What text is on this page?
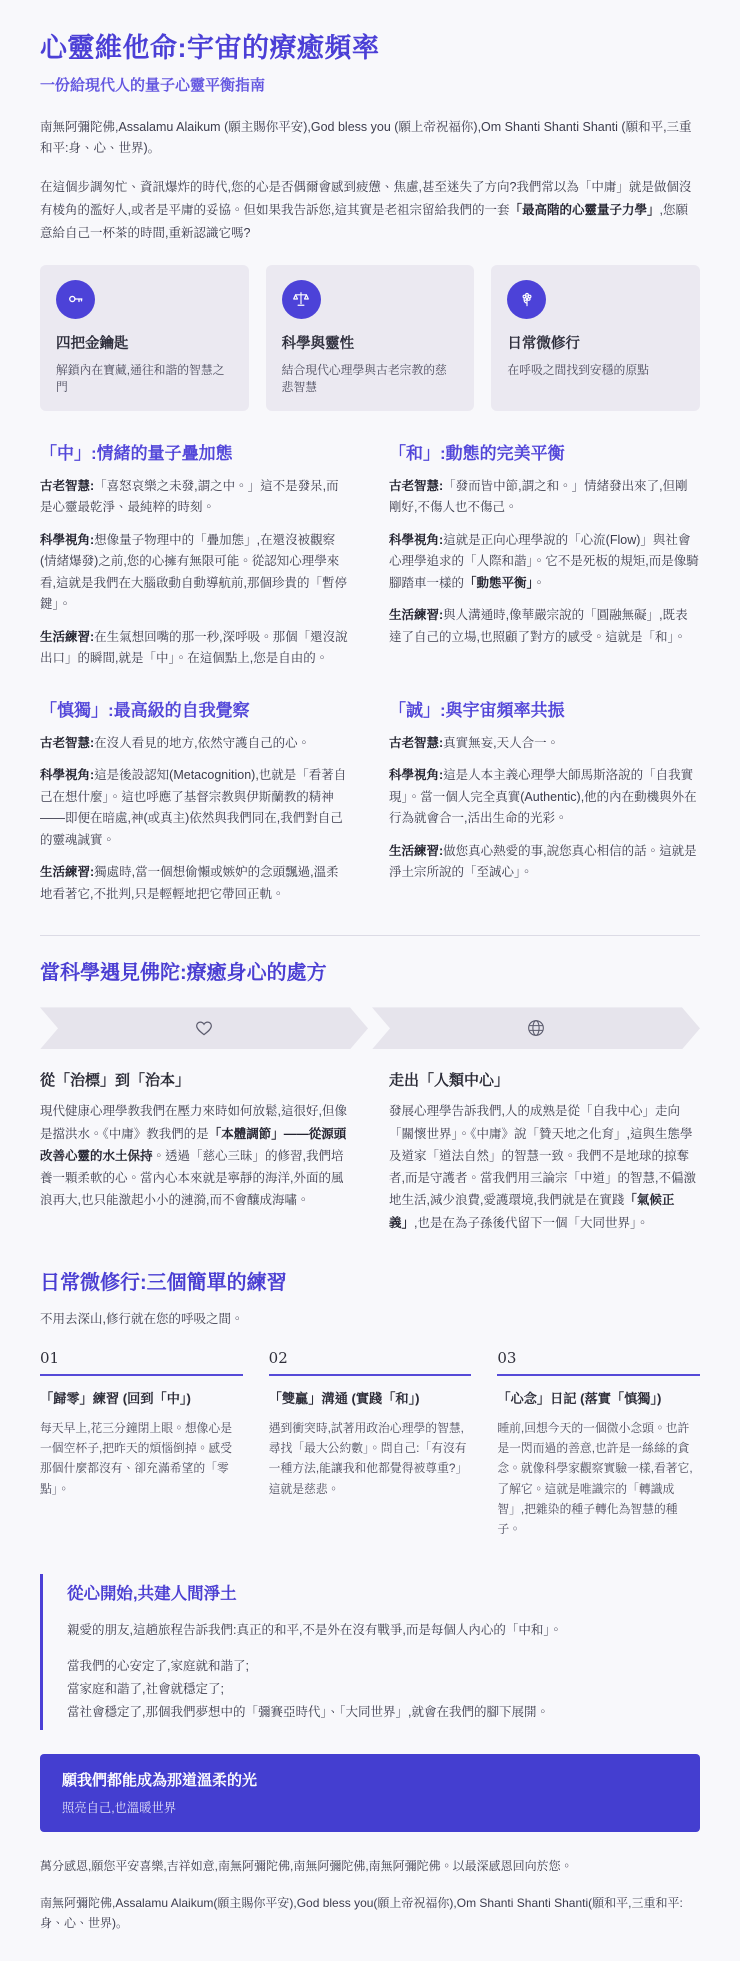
心靈維他命:宇宙的療癒頻率
一份給現代人的量子心靈平衡指南

南無阿彌陀佛,Assalamu Alaikum (願主賜你平安),God bless you (願上帝祝福你),Om Shanti Shanti Shanti (願和平,三重和平:身、心、世界)。

在這個步調匆忙、資訊爆炸的時代,您的心是否偶爾會感到疲憊、焦慮,甚至迷失了方向?我們常以為「中庸」就是做個沒有棱角的濫好人,或者是平庸的妥協。但如果我告訴您,這其實是老祖宗留給我們的一套「最高階的心靈量子力學」,您願意給自己一杯茶的時間,重新認識它嗎?

四把金鑰匙
解鎖內在寶藏,通往和諧的智慧之門
科學與靈性
結合現代心理學與古老宗教的慈悲智慧
日常微修行
在呼吸之間找到安穩的原點
「中」:情緒的量子疊加態

古老智慧:「喜怒哀樂之未發,謂之中。」這不是發呆,而是心靈最乾淨、最純粹的時刻。

科學視角:想像量子物理中的「疊加態」,在還沒被觀察(情緒爆發)之前,您的心擁有無限可能。從認知心理學來看,這就是我們在大腦啟動自動導航前,那個珍貴的「暫停鍵」。

生活練習:在生氣想回嘴的那一秒,深呼吸。那個「還沒說出口」的瞬間,就是「中」。在這個點上,您是自由的。

「和」:動態的完美平衡

古老智慧:「發而皆中節,謂之和。」情緒發出來了,但剛剛好,不傷人也不傷己。

科學視角:這就是正向心理學說的「心流(Flow)」與社會心理學追求的「人際和諧」。它不是死板的規矩,而是像騎腳踏車一樣的「動態平衡」。

生活練習:與人溝通時,像華嚴宗說的「圓融無礙」,既表達了自己的立場,也照顧了對方的感受。這就是「和」。

「慎獨」:最高級的自我覺察

古老智慧:在沒人看見的地方,依然守護自己的心。

科學視角:這是後設認知(Metacognition),也就是「看著自己在想什麼」。這也呼應了基督宗教與伊斯蘭教的精神——即便在暗處,神(或真主)依然與我們同在,我們對自己的靈魂誠實。

生活練習:獨處時,當一個想偷懶或嫉妒的念頭飄過,溫柔地看著它,不批判,只是輕輕地把它帶回正軌。

「誠」:與宇宙頻率共振

古老智慧:真實無妄,天人合一。

科學視角:這是人本主義心理學大師馬斯洛說的「自我實現」。當一個人完全真實(Authentic),他的內在動機與外在行為就會合一,活出生命的光彩。

生活練習:做您真心熱愛的事,說您真心相信的話。這就是淨土宗所說的「至誠心」。

當科學遇見佛陀:療癒身心的處方
從「治標」到「治本」

現代健康心理學教我們在壓力來時如何放鬆,這很好,但像是擋洪水。《中庸》教我們的是「本體調節」——從源頭改善心靈的水土保持。透過「慈心三昧」的修習,我們培養一顆柔軟的心。當內心本來就是寧靜的海洋,外面的風浪再大,也只能激起小小的漣漪,而不會釀成海嘯。

走出「人類中心」

發展心理學告訴我們,人的成熟是從「自我中心」走向「關懷世界」。《中庸》說「贊天地之化育」,這與生態學及道家「道法自然」的智慧一致。我們不是地球的掠奪者,而是守護者。當我們用三論宗「中道」的智慧,不偏激地生活,減少浪費,愛護環境,我們就是在實踐「氣候正義」,也是在為子孫後代留下一個「大同世界」。

日常微修行:三個簡單的練習

不用去深山,修行就在您的呼吸之間。

01
「歸零」練習 (回到「中」)

每天早上,花三分鐘閉上眼。想像心是一個空杯子,把昨天的煩惱倒掉。感受那個什麼都沒有、卻充滿希望的「零點」。

02
「雙贏」溝通 (實踐「和」)

遇到衝突時,試著用政治心理學的智慧,尋找「最大公約數」。問自己:「有沒有一種方法,能讓我和他都覺得被尊重?」這就是慈悲。

03
「心念」日記 (落實「慎獨」)

睡前,回想今天的一個微小念頭。也許是一閃而過的善意,也許是一絲絲的貪念。就像科學家觀察實驗一樣,看著它,了解它。這就是唯識宗的「轉識成智」,把雜染的種子轉化為智慧的種子。

從心開始,共建人間淨土

親愛的朋友,這趟旅程告訴我們:真正的和平,不是外在沒有戰爭,而是每個人內心的「中和」。

當我們的心安定了,家庭就和諧了;

當家庭和諧了,社會就穩定了;

當社會穩定了,那個我們夢想中的「彌賽亞時代」、「大同世界」,就會在我們的腳下展開。

願我們都能成為那道溫柔的光
照亮自己,也溫暖世界

萬分感恩,願您平安喜樂,吉祥如意,南無阿彌陀佛,南無阿彌陀佛,南無阿彌陀佛。以最深感恩回向於您。

南無阿彌陀佛,Assalamu Alaikum(願主賜你平安),God bless you(願上帝祝福你),Om Shanti Shanti Shanti(願和平,三重和平:身、心、世界)。
